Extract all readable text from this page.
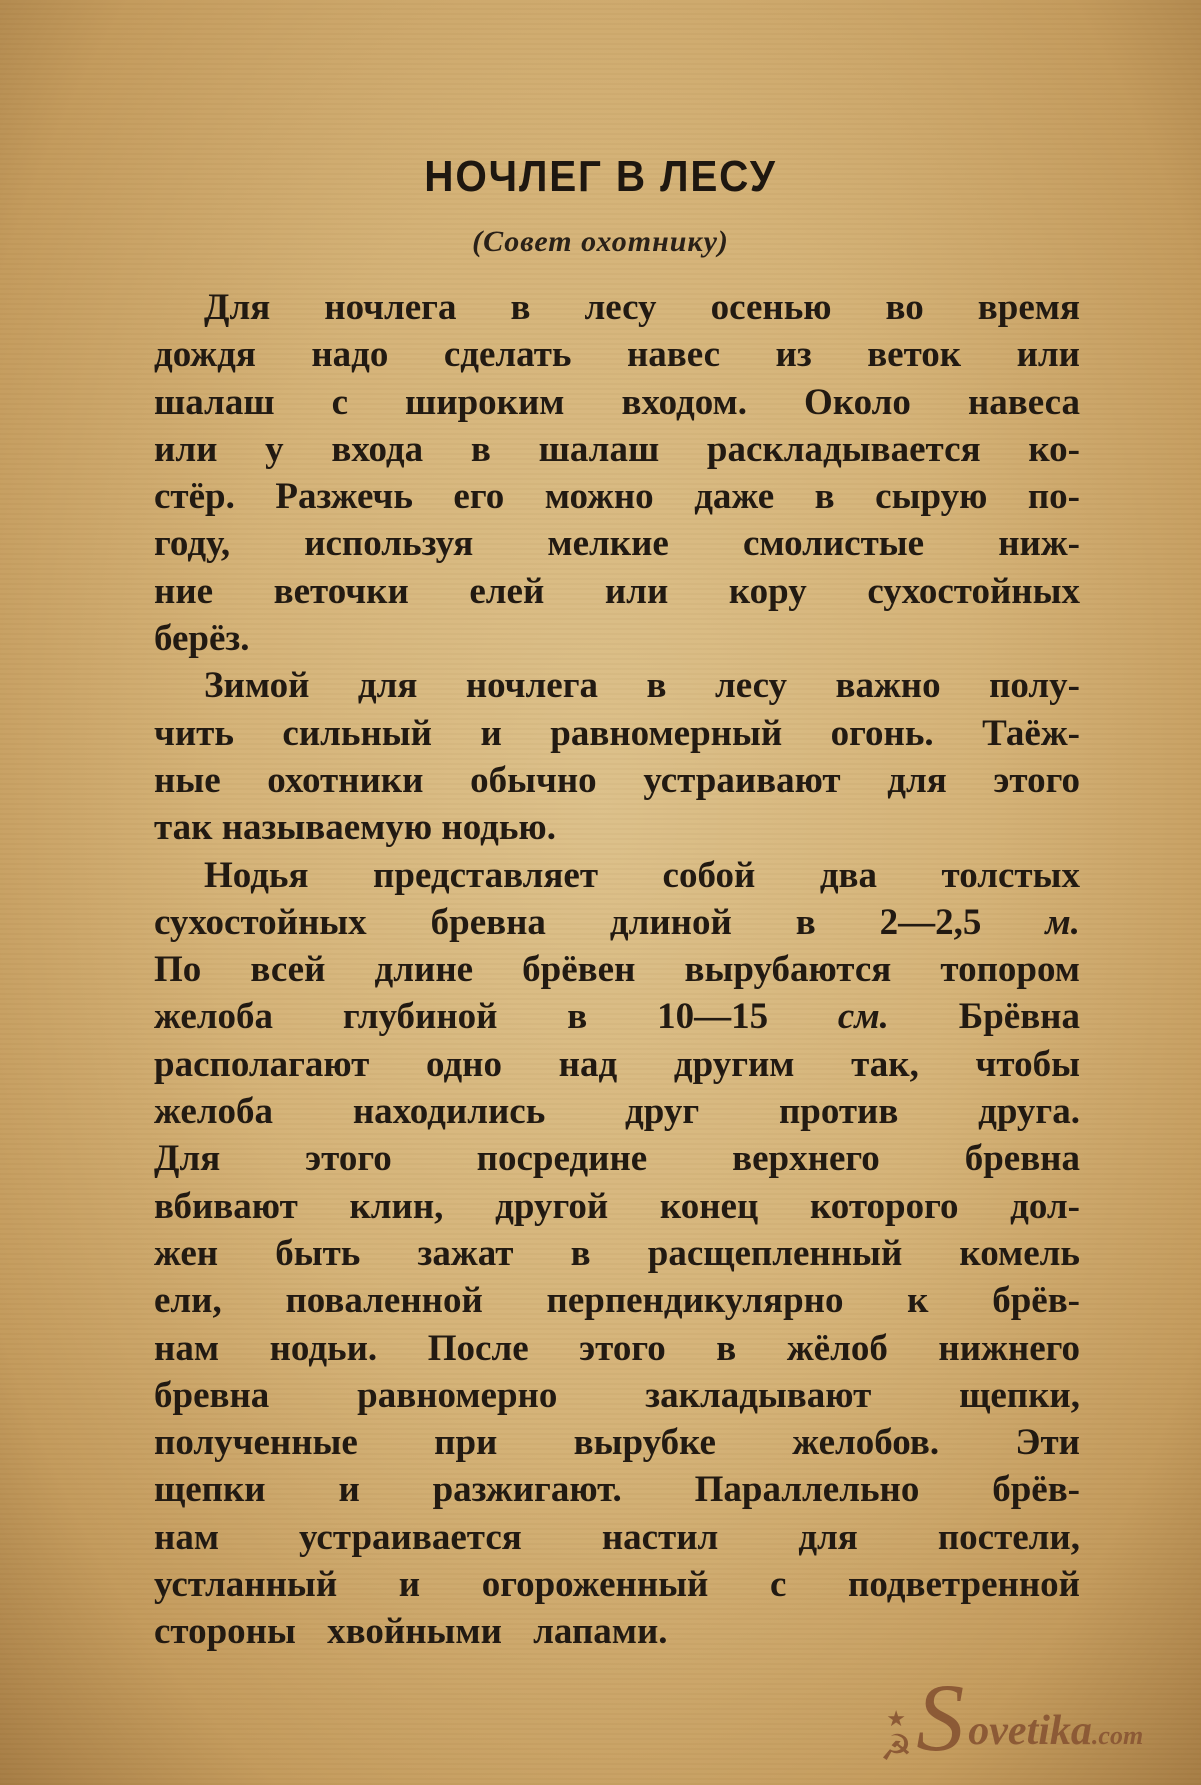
НОЧЛЕГ В ЛЕСУ
(Совет охотнику)
Для ночлега в лесу осенью во время
дождя надо сделать навес из веток или
шалаш с широким входом. Около навеса
или у входа в шалаш раскладывается ко-
стёр. Разжечь его можно даже в сырую по-
году, используя мелкие смолистые ниж-
ние веточки елей или кору сухостойных
берёз.
Зимой для ночлега в лесу важно полу-
чить сильный и равномерный огонь. Таёж-
ные охотники обычно устраивают для этого
так называемую нодью.
Нодья представляет собой два толстых
сухостойных бревна длиной в 2—2,5 м.
По всей длине брёвен вырубаются топором
желоба глубиной в 10—15 см. Брёвна
располагают одно над другим так, чтобы
желоба находились друг против друга.
Для этого посредине верхнего бревна
вбивают клин, другой конец которого дол-
жен быть зажат в расщепленный комель
ели, поваленной перпендикулярно к брёв-
нам нодьи. После этого в жёлоб нижнего
бревна равномерно закладывают щепки,
полученные при вырубке желобов. Эти
щепки и разжигают. Параллельно брёв-
нам устраивается настил для постели,
устланный и огороженный с подветренной
стороны хвойными лапами.
★
☭ S ovetika.com
